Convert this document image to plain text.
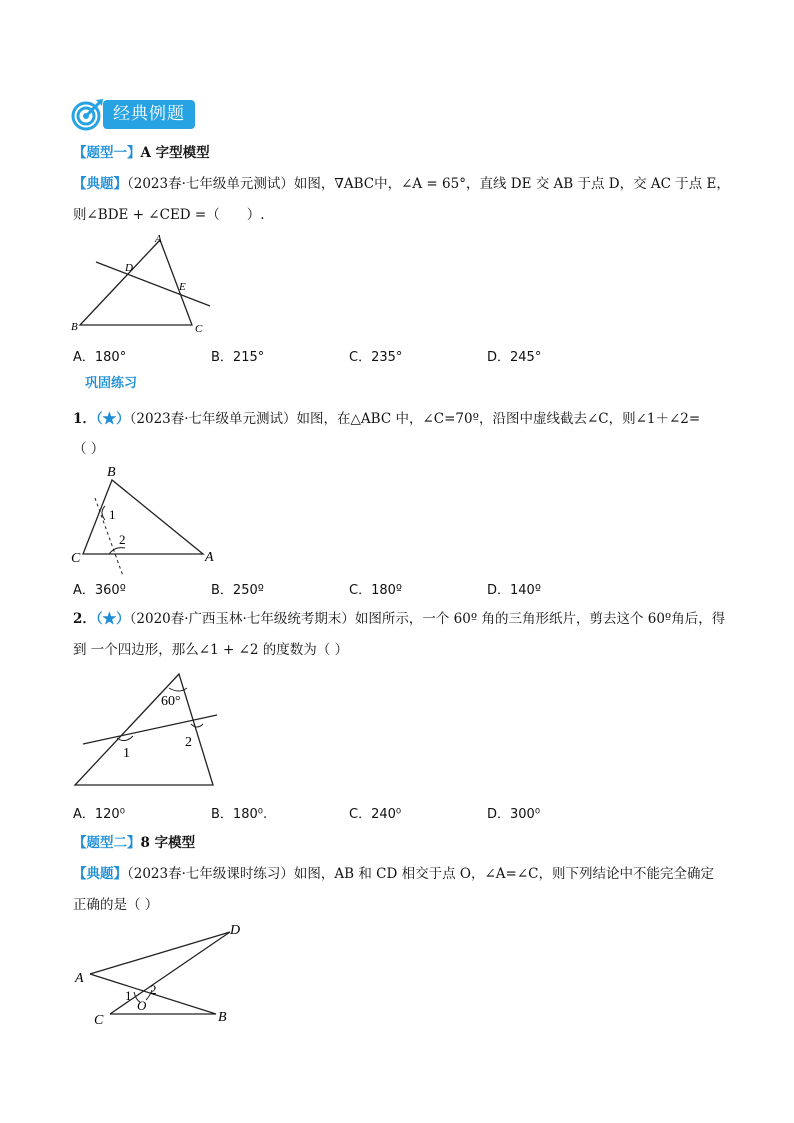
经典例题
【题型一】A 字型模型
【典题】（2023春·七年级单元测试）如图，∇ABC中，∠A = 65°，直线 DE 交 AB 于点 D，交 AC 于点 E，
则∠BDE + ∠CED =（　　）.
A
B	C
D
E
A．180°	B．215°	C．235°	D．245°
巩固练习
1．（★）（2023春·七年级单元测试）如图，在△ABC 中，∠C=70º，沿图中虚线截去∠C，则∠1＋∠2=
（ ）
B
C	A
1
2
A．360º	B．250º	C．180º	D．140º
2．（★）（2020春·广西玉林·七年级统考期末）如图所示，一个 60º 角的三角形纸片，剪去这个 60º角后，得
到 一个四边形，那么∠1 + ∠2 的度数为（ ）
60°
1
2
A．120⁰	B．180⁰.	C．240⁰	D．300⁰
【题型二】8 字模型
【典题】（2023春·七年级课时练习）如图，AB 和 CD 相交于点 O，∠A=∠C，则下列结论中不能完全确定
正确的是（ ）
D
A
C	B
O
1 2
